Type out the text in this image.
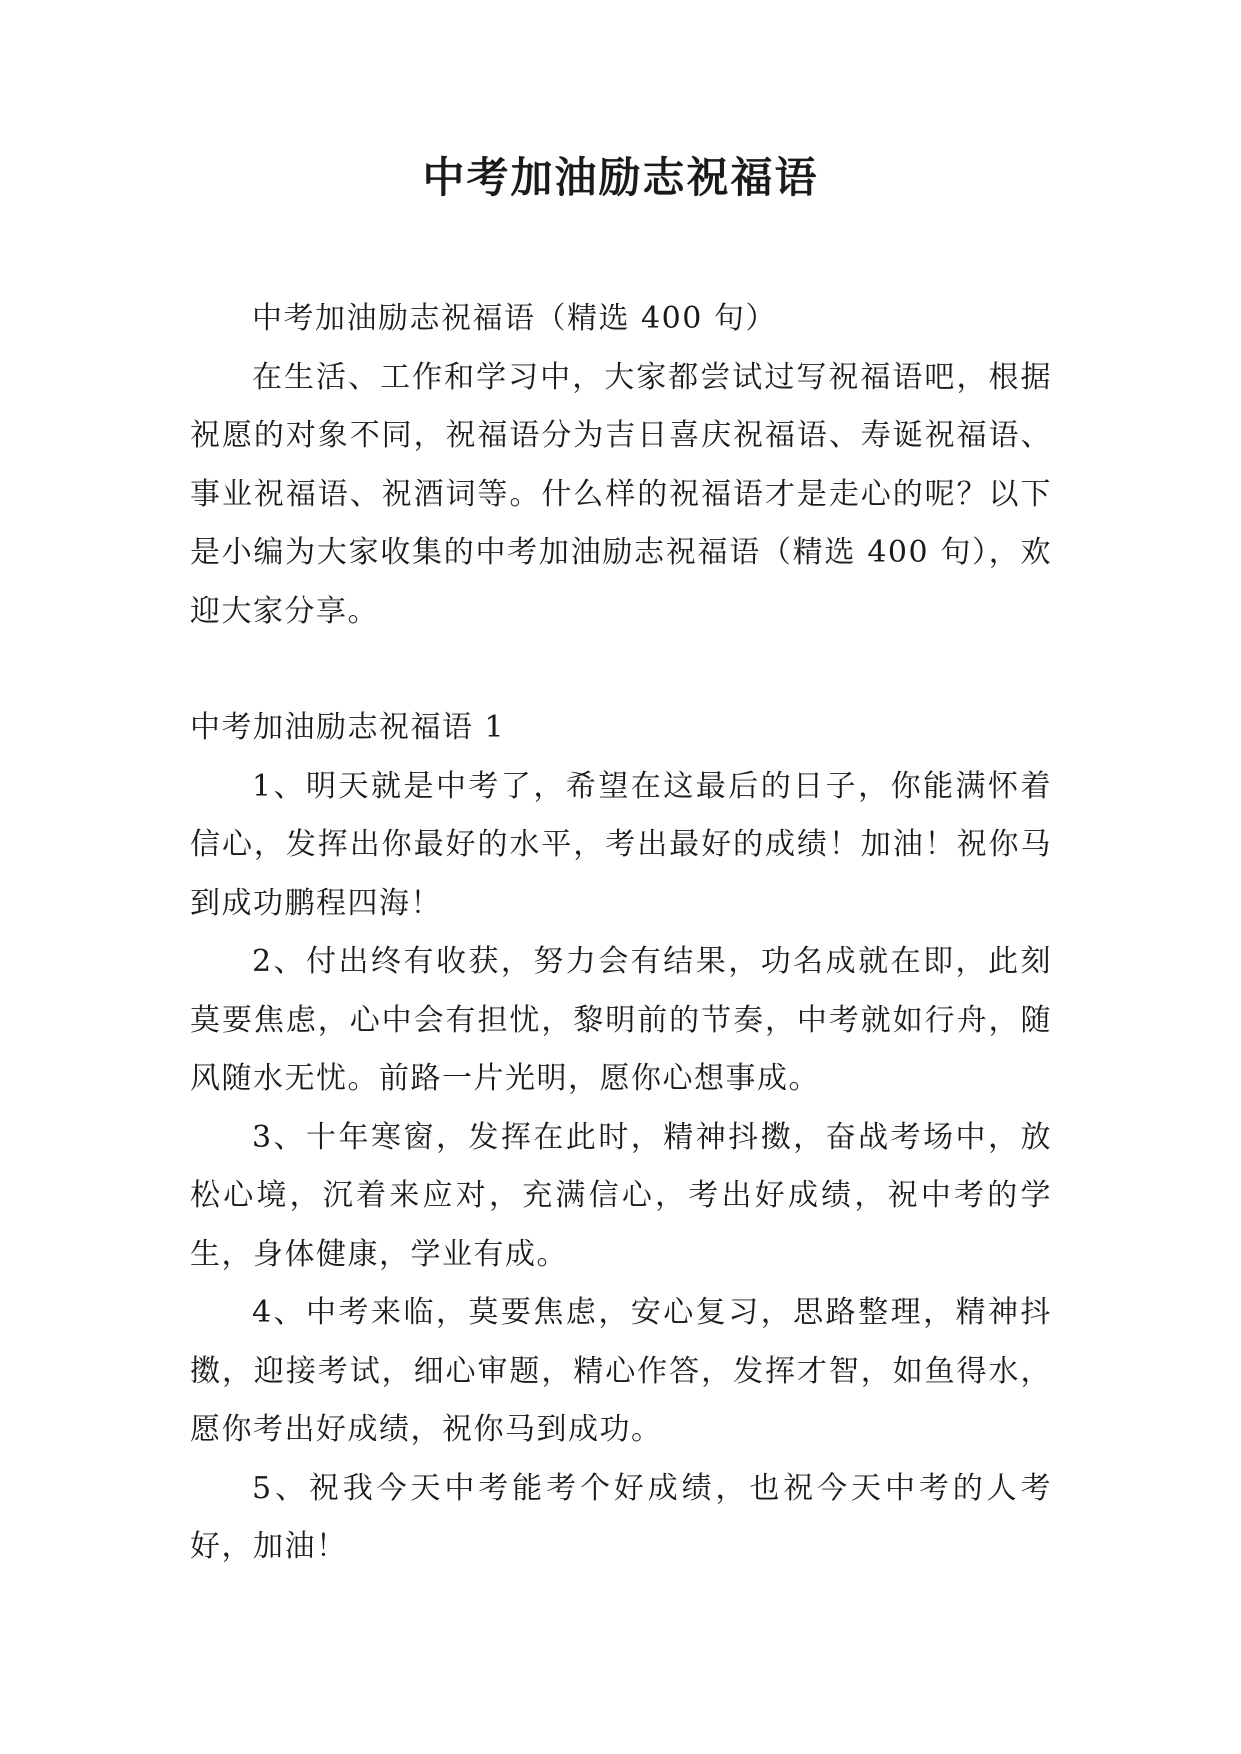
中考加油励志祝福语

中考加油励志祝福语（精选 400 句）

在生活、工作和学习中，大家都尝试过写祝福语吧，根据祝愿的对象不同，祝福语分为吉日喜庆祝福语、寿诞祝福语、事业祝福语、祝酒词等。什么样的祝福语才是走心的呢？以下是小编为大家收集的中考加油励志祝福语（精选 400 句），欢迎大家分享。

中考加油励志祝福语 1

1、明天就是中考了，希望在这最后的日子，你能满怀着信心，发挥出你最好的水平，考出最好的成绩！加油！祝你马到成功鹏程四海！

2、付出终有收获，努力会有结果，功名成就在即，此刻莫要焦虑，心中会有担忧，黎明前的节奏，中考就如行舟，随风随水无忧。前路一片光明，愿你心想事成。

3、十年寒窗，发挥在此时，精神抖擞，奋战考场中，放松心境，沉着来应对，充满信心，考出好成绩，祝中考的学生，身体健康，学业有成。

4、中考来临，莫要焦虑，安心复习，思路整理，精神抖擞，迎接考试，细心审题，精心作答，发挥才智，如鱼得水，愿你考出好成绩，祝你马到成功。

5、祝我今天中考能考个好成绩，也祝今天中考的人考好，加油！
